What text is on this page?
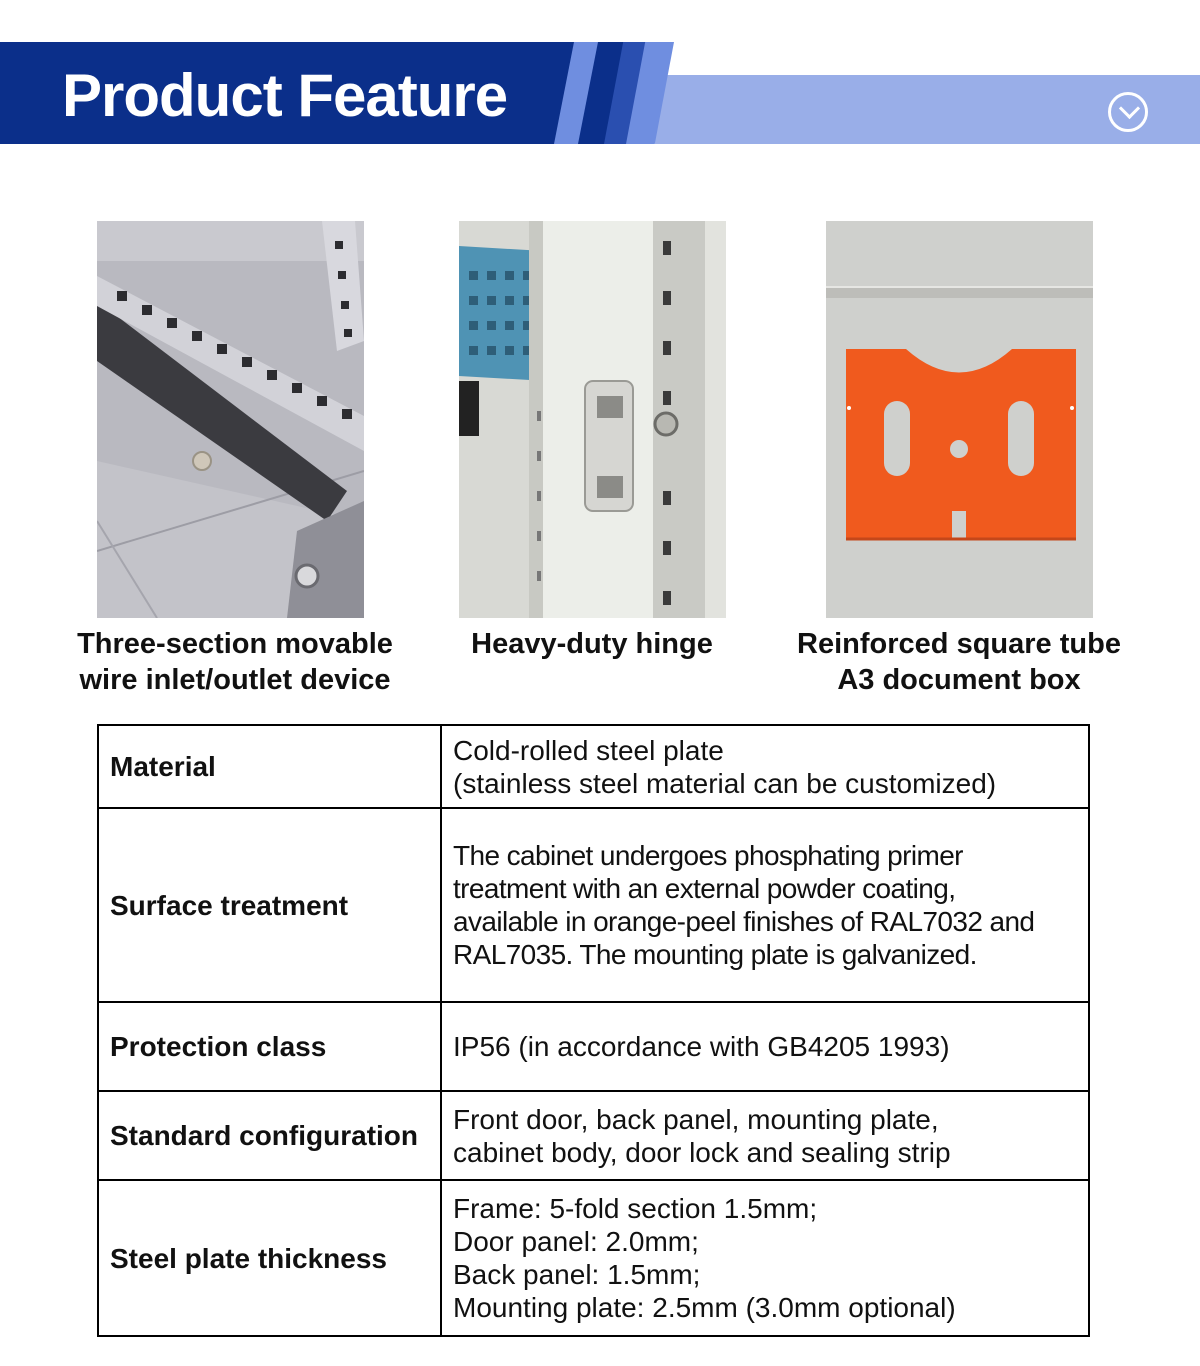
Product Feature
Three-section movable
wire inlet/outlet device
Heavy-duty hinge	Reinforced square tube
A3 document box
Material	Cold-rolled steel plate
(stainless steel material can be customized)

Surface treatment	The cabinet undergoes phosphating primer
treatment with an external powder coating,
available in orange-peel finishes of RAL7032 and
RAL7035. The mounting plate is galvanized.

Protection class	IP56 (in accordance with GB4205 1993)

Standard configuration	Front door, back panel, mounting plate,
cabinet body, door lock and sealing strip

Steel plate thickness	Frame: 5-fold section 1.5mm;
Door panel: 2.0mm;
Back panel: 1.5mm;
Mounting plate: 2.5mm (3.0mm optional)
